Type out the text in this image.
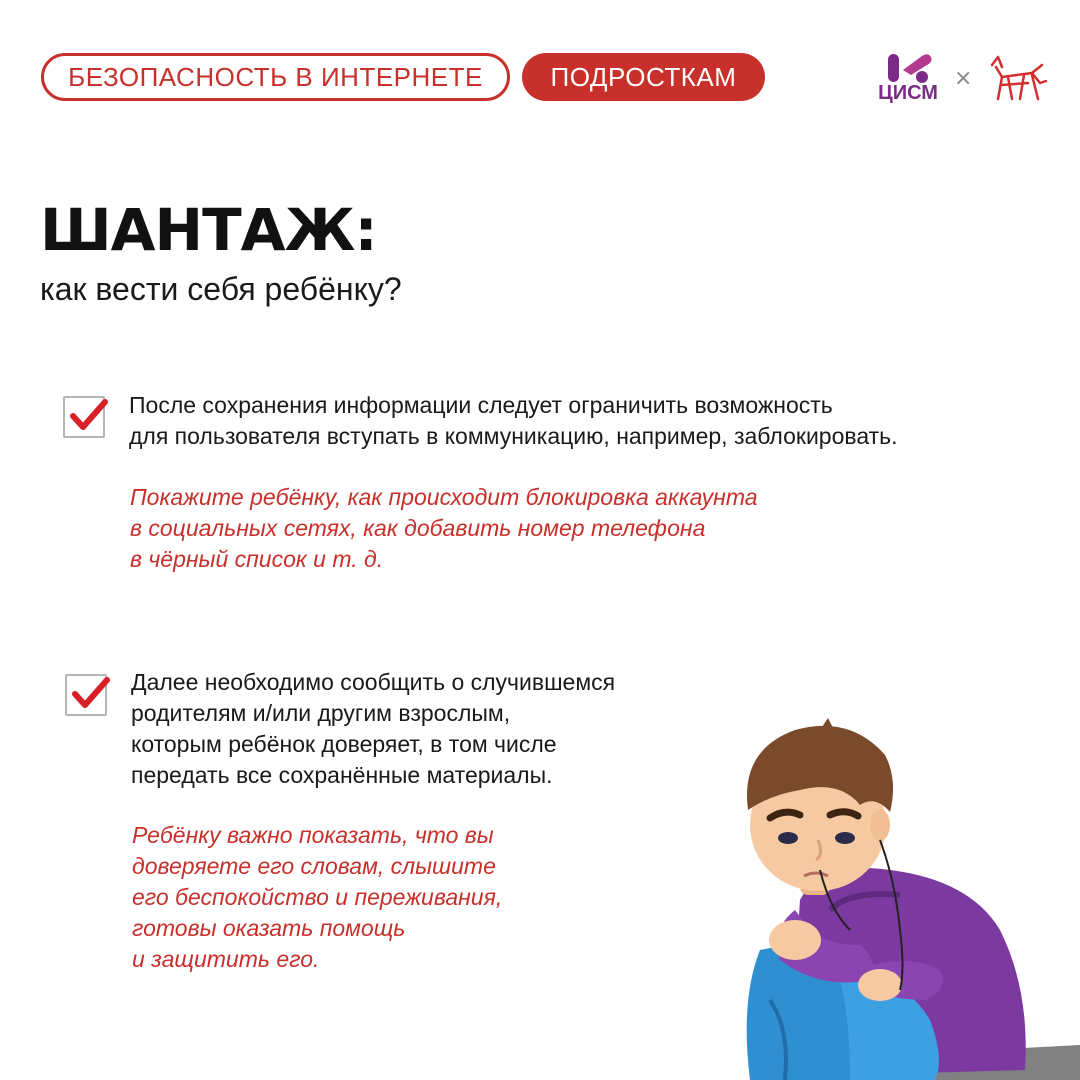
БЕЗОПАСНОСТЬ В ИНТЕРНЕТЕ	ПОДРОСТКАМ
ЦИСМ
×
ШАНТАЖ:
как вести себя ребёнку?
После сохранения информации следует ограничить возможность
для пользователя вступать в коммуникацию, например, заблокировать.
Покажите ребёнку, как происходит блокировка аккаунта
в социальных сетях, как добавить номер телефона
в чёрный список и т. д.
Далее необходимо сообщить о случившемся
родителям и/или другим взрослым,
которым ребёнок доверяет, в том числе
передать все сохранённые материалы.
Ребёнку важно показать, что вы
доверяете его словам, слышите
его беспокойство и переживания,
готовы оказать помощь
и защитить его.
